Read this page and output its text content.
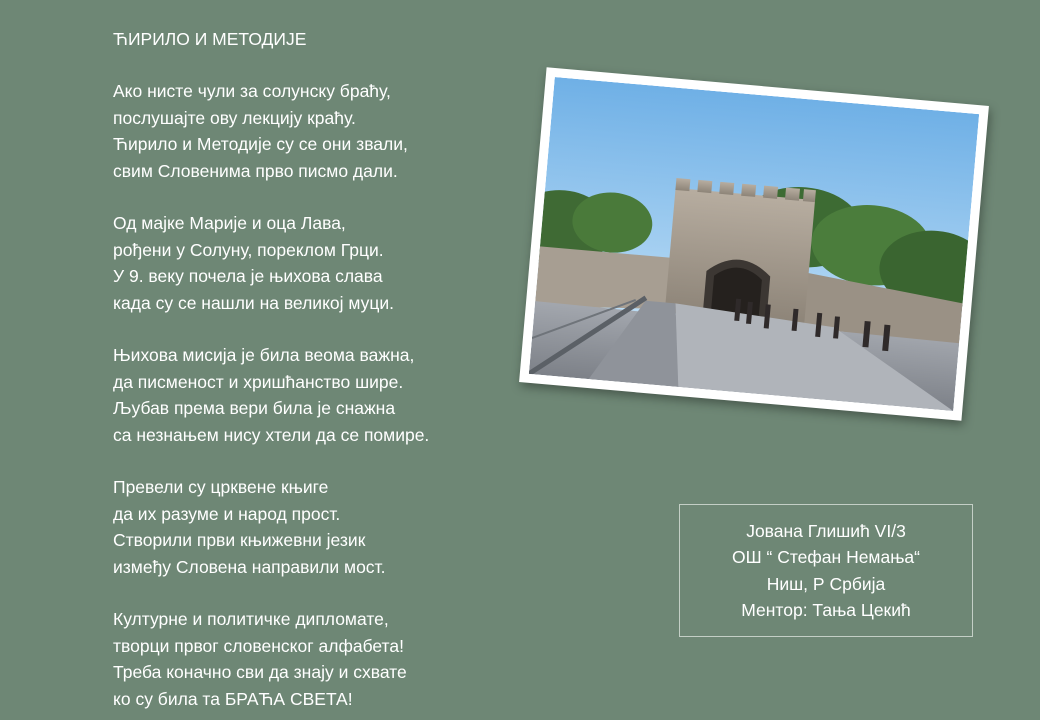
ЋИРИЛО И МЕТОДИЈЕ
Ако нисте чули за солунску браћу,
послушајте ову лекцију краћу.
Ћирило и Методије су се они звали,
свим Словенима прво писмо дали.
Од мајке Марије и оца Лава,
рођени у Солуну, пореклом Грци.
У 9. веку почела је њихова слава
када су се нашли на великој муци.
Њихова мисија је била веома важна,
да писменост и хришћанство шире.
Љубав према вери била је снажна
са незнањем нису хтели да се помире.
Превели су црквене књиге
да их разуме и народ прост.
Створили први књижевни језик
између Словена направили мост.
Културне и политичке дипломате,
творци првог словенског алфабета!
Треба коначно сви да знају и схвате
ко су била та БРАЋА СВЕТА!
Јована Глишић VI/3
ОШ “ Стефан Немања“
Ниш, Р Србија
Ментор: Тања Цекић
